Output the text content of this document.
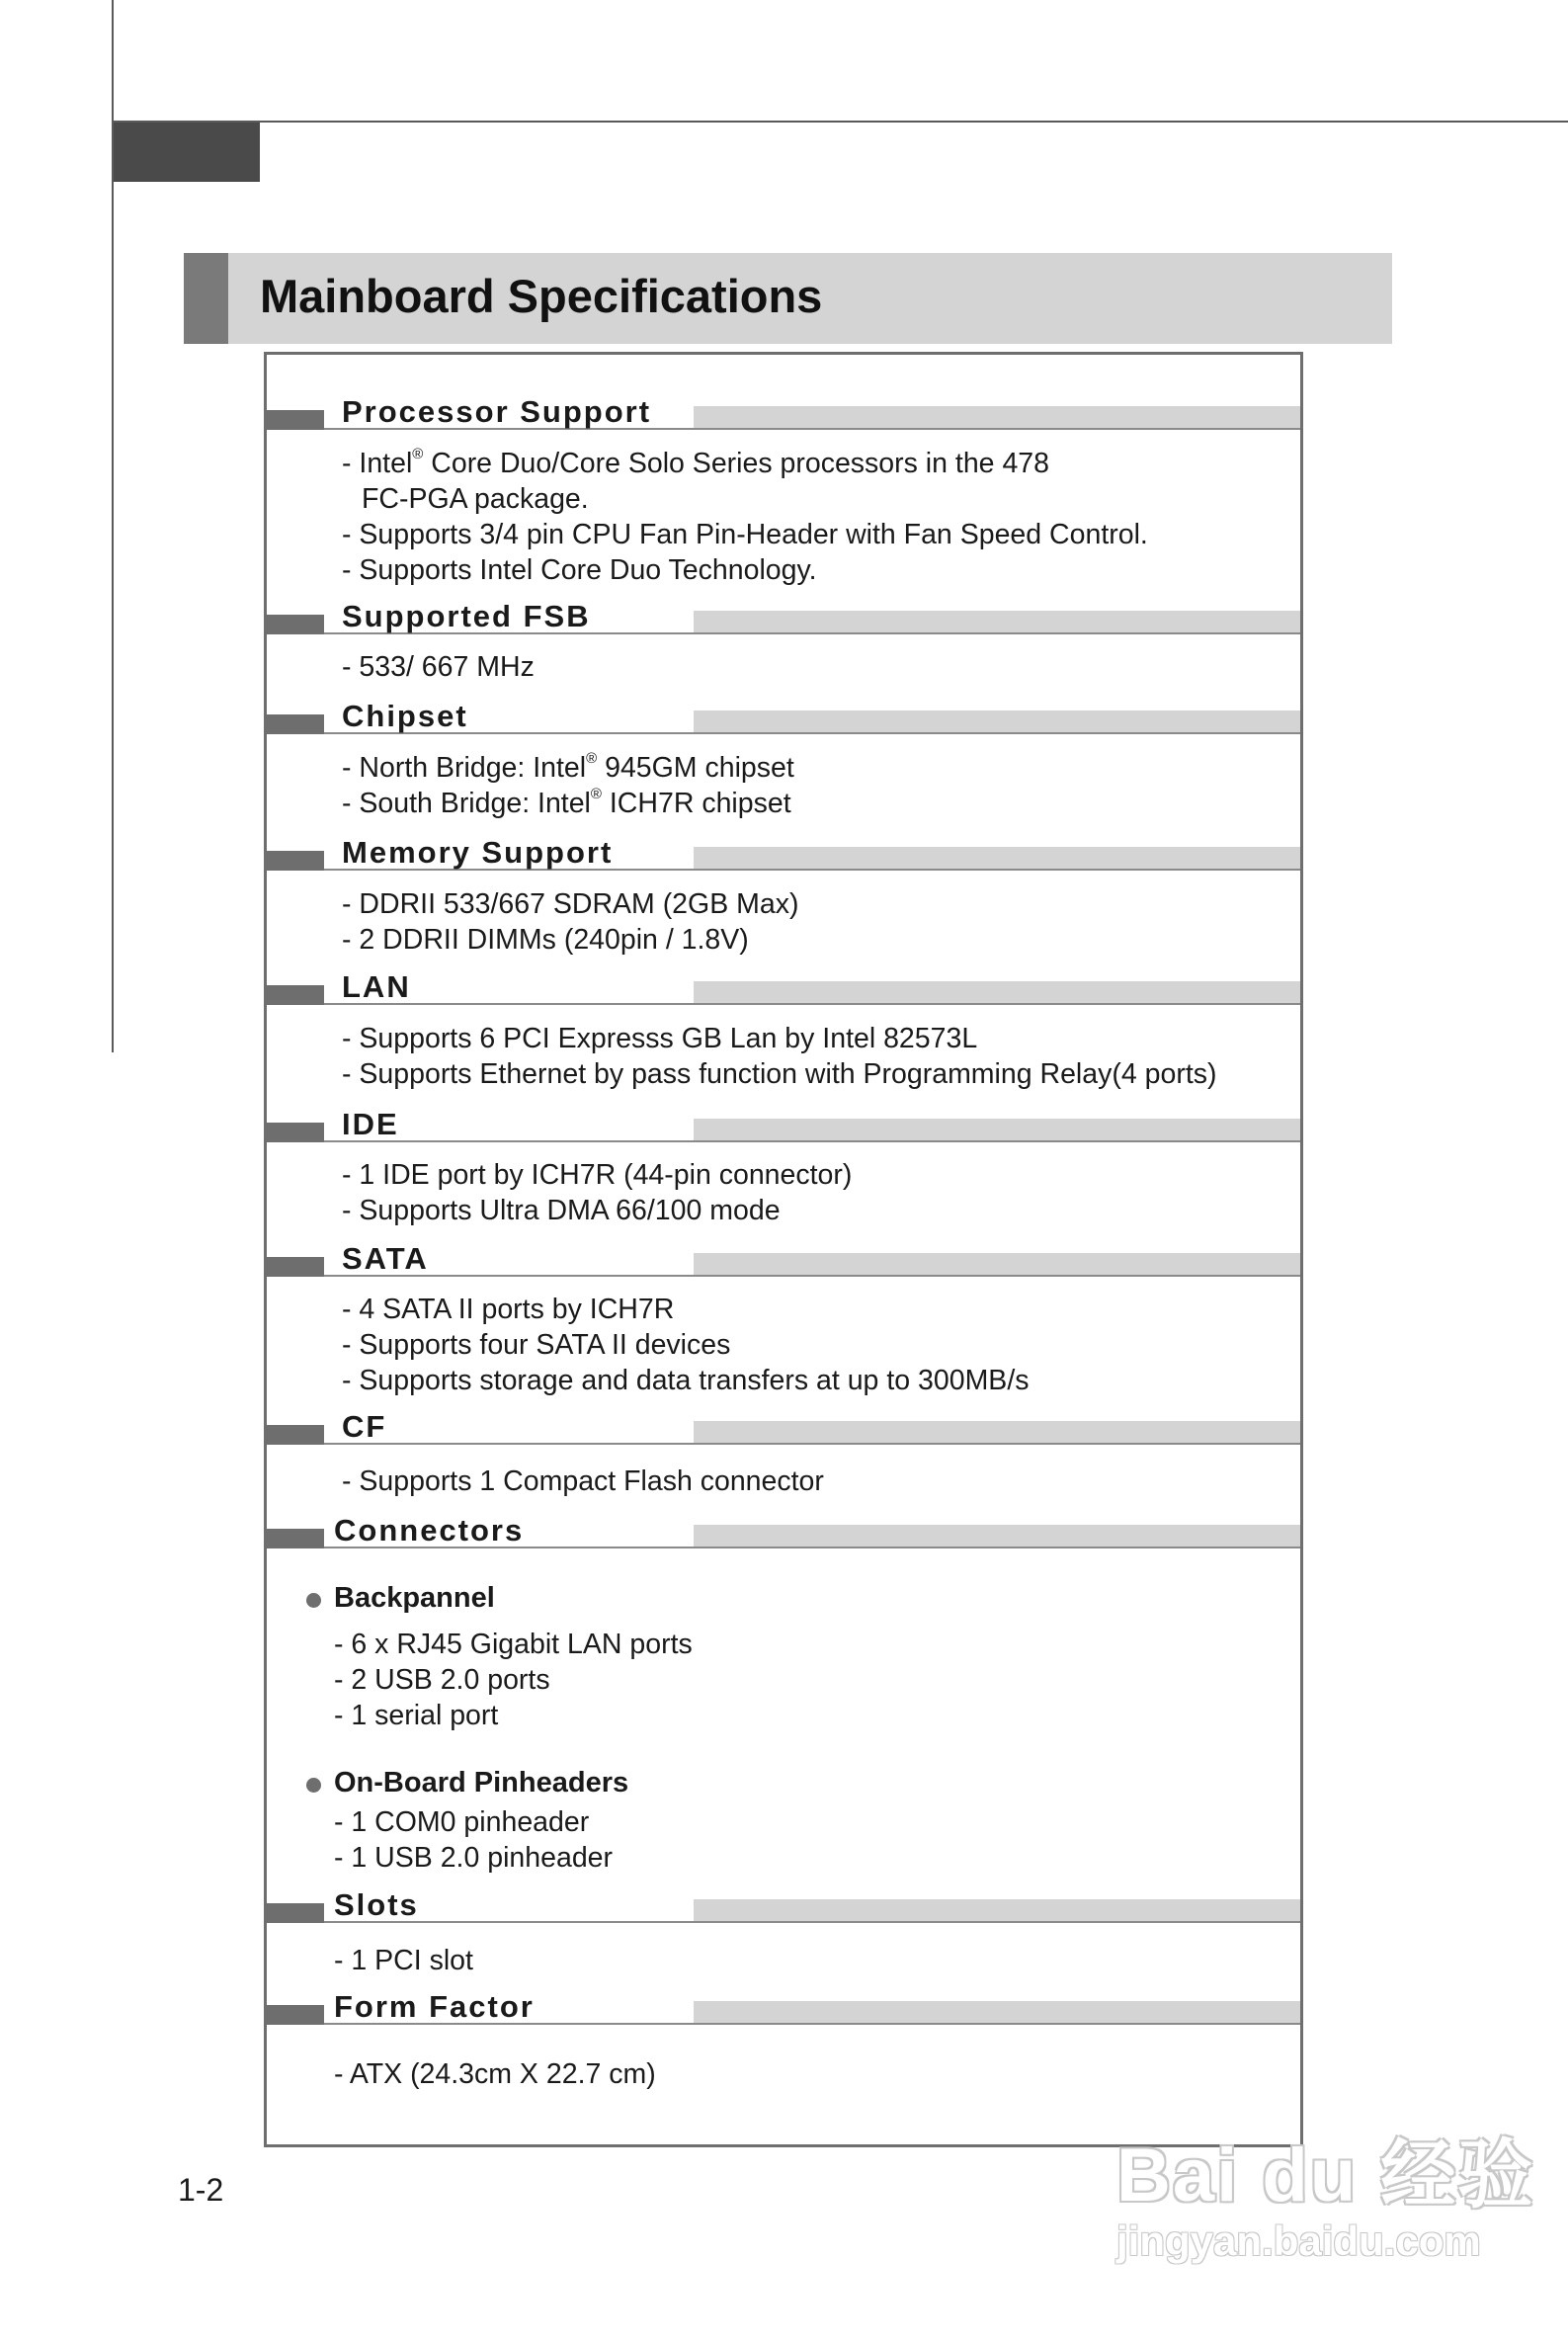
Mainboard Specifications
Processor Support
- Intel® Core Duo/Core Solo Series processors in the 478
FC-PGA package.
- Supports 3/4 pin CPU Fan Pin-Header with Fan Speed Control.
- Supports Intel Core Duo Technology.
Supported FSB
- 533/ 667 MHz
Chipset
- North Bridge: Intel® 945GM chipset
- South Bridge: Intel® ICH7R chipset
Memory Support
- DDRII 533/667 SDRAM (2GB Max)
- 2 DDRII DIMMs (240pin / 1.8V)
LAN
- Supports 6 PCI Expresss GB Lan by Intel 82573L
- Supports Ethernet by pass function with Programming Relay(4 ports)
IDE
- 1 IDE port by ICH7R (44-pin connector)
- Supports Ultra DMA 66/100 mode
SATA
- 4 SATA II ports by ICH7R
- Supports four SATA II devices
- Supports storage and data transfers at up to 300MB/s
CF
- Supports 1 Compact Flash connector
Connectors
Backpannel
- 6 x RJ45 Gigabit LAN ports
- 2 USB 2.0 ports
- 1 serial port
On-Board Pinheaders
- 1 COM0 pinheader
- 1 USB 2.0 pinheader
Slots
- 1 PCI slot
Form Factor
- ATX (24.3cm X 22.7 cm)
1-2	Bai du 经验
jingyan.baidu.com
